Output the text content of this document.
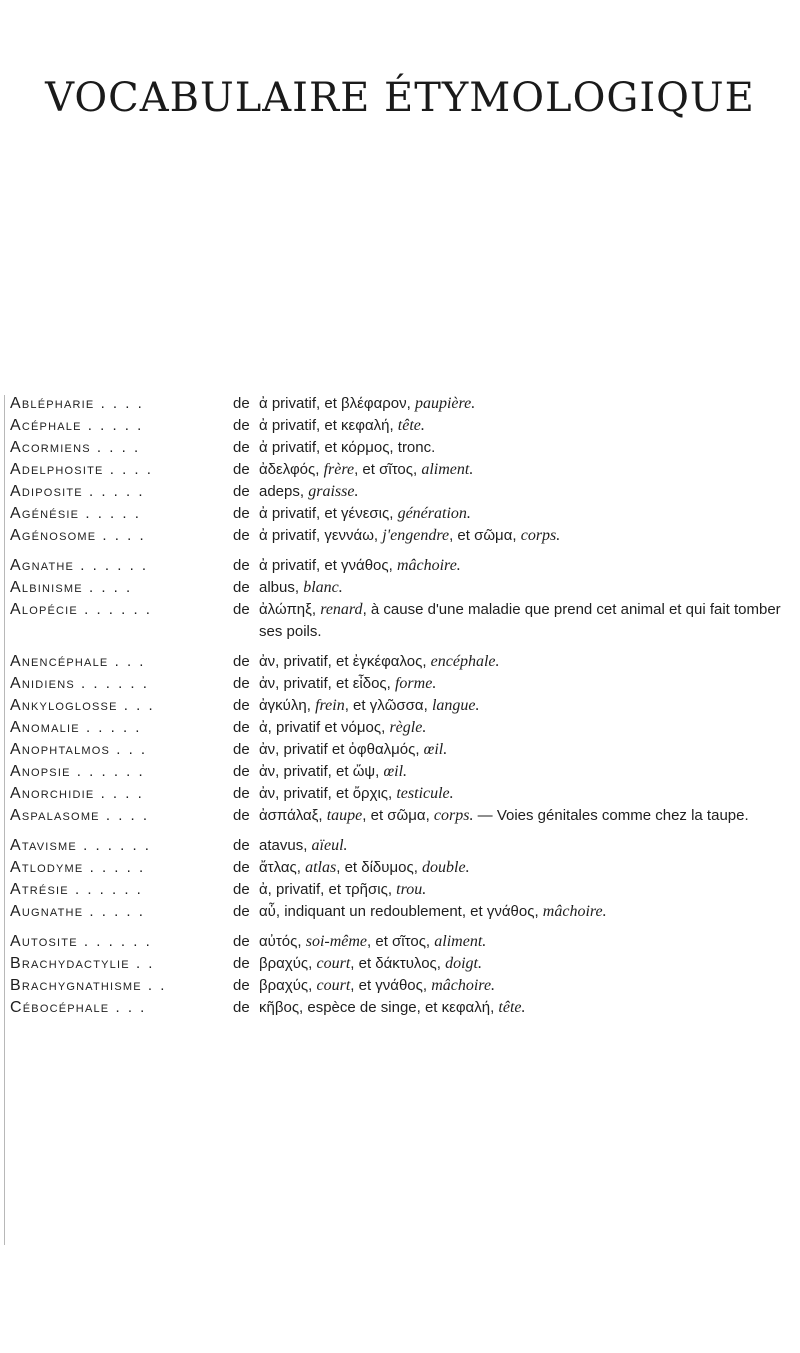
VOCABULAIRE ÉTYMOLOGIQUE
Ablépharie . . . .	de ἀ privatif, et βλέφαρον, paupière.
Acéphale . . . . .	de ἀ privatif, et κεφαλή, tête.
Acormiens . . . .	de ἀ privatif, et κόρμος, tronc.
Adelphosite . . . .	de ἀδελφός, frère, et σῖτος, aliment.
Adiposite . . . . .	de adeps, graisse.
Agénésie . . . . .	de ἀ privatif, et γένεσις, génération.
Agénosome . . . .	de ἀ privatif, γεννάω, j'engendre, et σῶμα, corps.
Agnathe . . . . . .	de ἀ privatif, et γνάθος, mâchoire.
Albinisme . . . .	de albus, blanc.
Alopécie . . . . . .	de ἀλώπηξ, renard, à cause d'une maladie que prend cet animal et qui fait tomber ses poils.
Anencéphale . . .	de ἀν, privatif, et ἐγκέφαλος, encéphale.
Anidiens . . . . . .	de ἀν, privatif, et εἶδος, forme.
Ankyloglosse . . .	de ἀγκύλη, frein, et γλῶσσα, langue.
Anomalie . . . . .	de ἀ, privatif et νόμος, règle.
Anophtalmos . . .	de ἀν, privatif et ὀφθαλμός, œil.
Anopsie . . . . . .	de ἀν, privatif, et ὤψ, œil.
Anorchidie . . . .	de ἀν, privatif, et ὄρχις, testicule.
Aspalasome . . . .	de ἀσπάλαξ, taupe, et σῶμα, corps. — Voies génitales comme chez la taupe.
Atavisme . . . . . .	de atavus, aïeul.
Atlodyme . . . . .	de ἄτλας, atlas, et δίδυμος, double.
Atrésie . . . . . .	de ἀ, privatif, et τρῆσις, trou.
Augnathe . . . . .	de αὖ, indiquant un redoublement, et γνάθος, mâchoire.
Autosite . . . . . .	de αὐτός, soi-même, et σῖτος, aliment.
Brachydactylie . .	de βραχύς, court, et δάκτυλος, doigt.
Brachygnathisme . .	de βραχύς, court, et γνάθος, mâchoire.
Cébocéphale . . .	de κῆβος, espèce de singe, et κεφαλή, tête.
